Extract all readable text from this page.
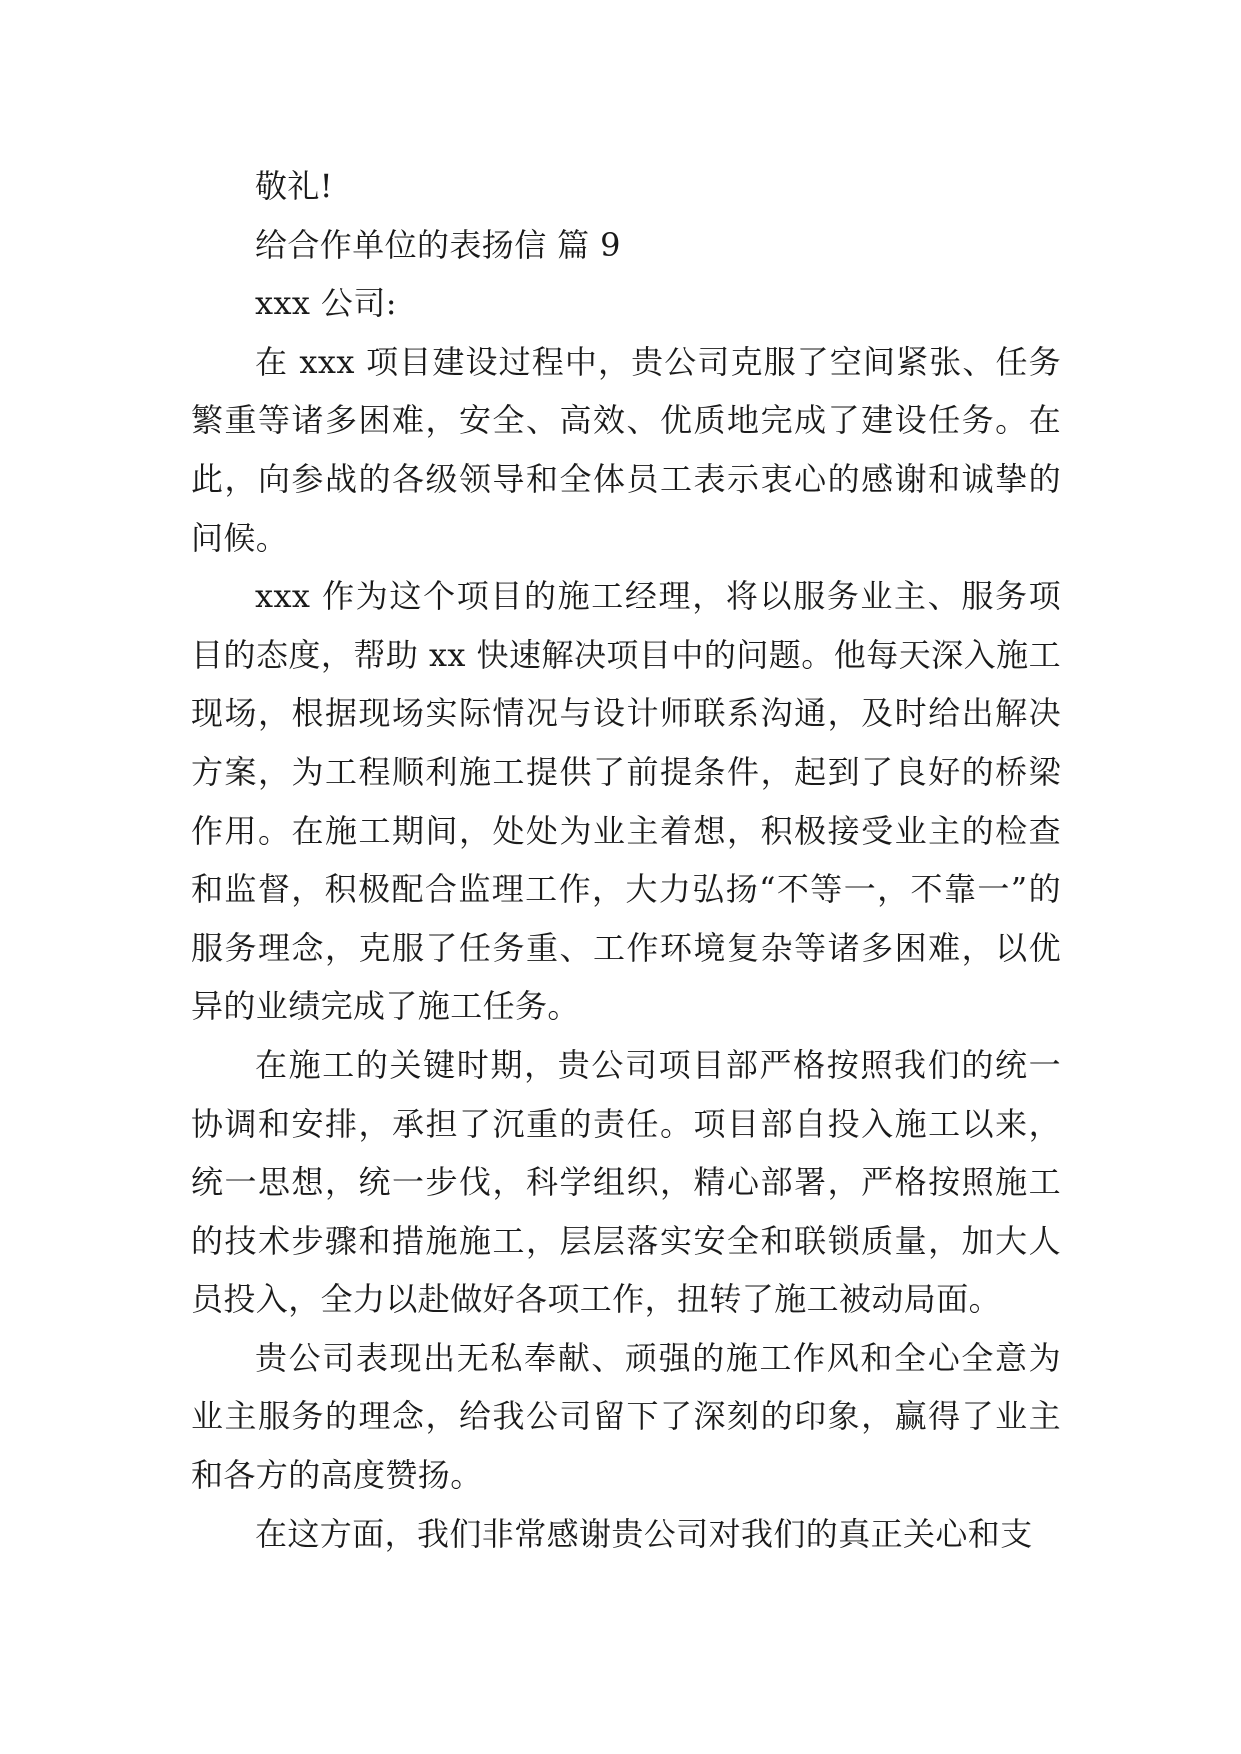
敬礼!

给合作单位的表扬信 篇 9

xxx 公司:

在 xxx 项目建设过程中，贵公司克服了空间紧张、任务繁重等诸多困难，安全、高效、优质地完成了建设任务。在此，向参战的各级领导和全体员工表示衷心的感谢和诚挚的问候。

xxx 作为这个项目的施工经理，将以服务业主、服务项目的态度，帮助 xx 快速解决项目中的问题。他每天深入施工现场，根据现场实际情况与设计师联系沟通，及时给出解决方案，为工程顺利施工提供了前提条件，起到了良好的桥梁作用。在施工期间，处处为业主着想，积极接受业主的检查和监督，积极配合监理工作，大力弘扬“不等一，不靠一”的服务理念，克服了任务重、工作环境复杂等诸多困难，以优异的业绩完成了施工任务。

在施工的关键时期，贵公司项目部严格按照我们的统一协调和安排，承担了沉重的责任。项目部自投入施工以来，统一思想，统一步伐，科学组织，精心部署，严格按照施工的技术步骤和措施施工，层层落实安全和联锁质量，加大人员投入，全力以赴做好各项工作，扭转了施工被动局面。

贵公司表现出无私奉献、顽强的施工作风和全心全意为业主服务的理念，给我公司留下了深刻的印象，赢得了业主和各方的高度赞扬。

在这方面，我们非常感谢贵公司对我们的真正关心和支
